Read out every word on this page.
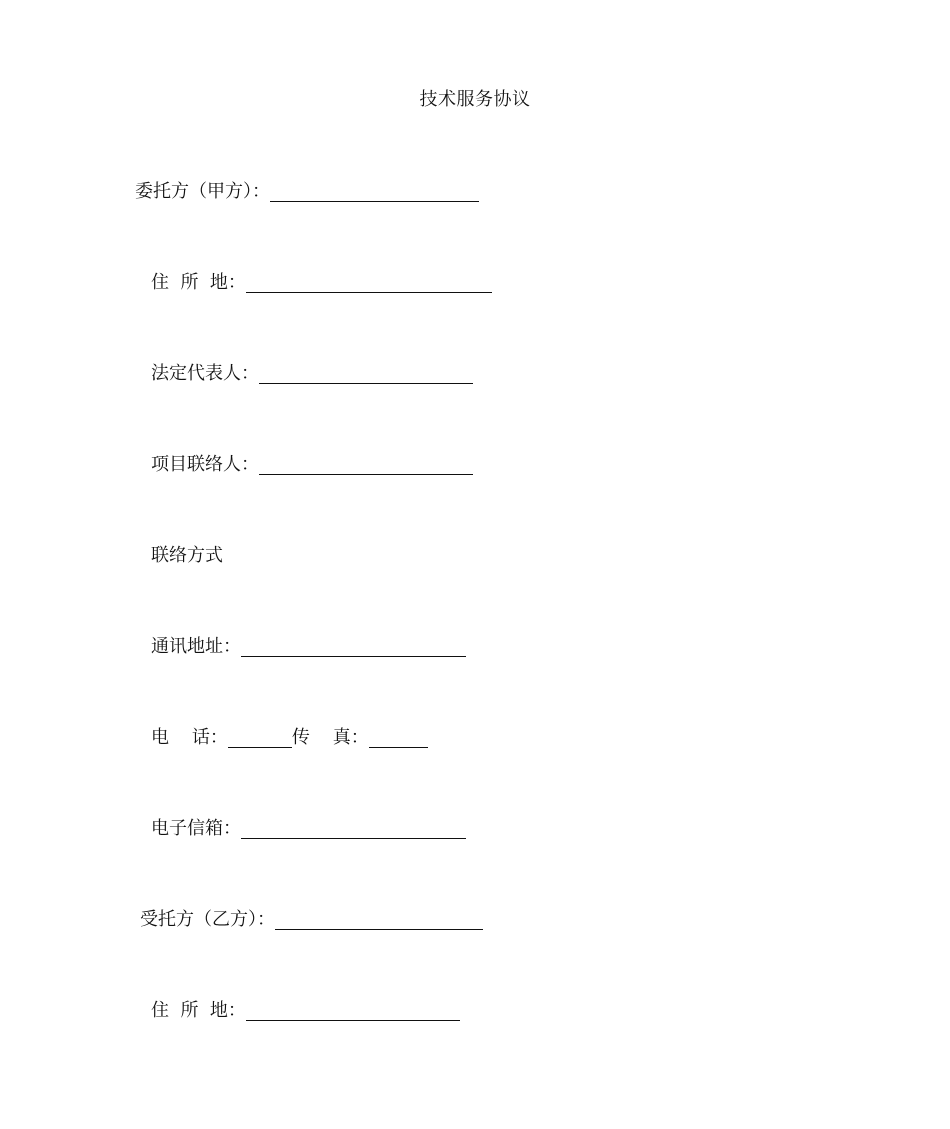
技术服务协议
委托方（甲方）：
住  所  地：
法定代表人：
项目联络人：
联络方式
通讯地址：
电    话：	传    真：
电子信箱：
受托方（乙方）：
住  所  地：
